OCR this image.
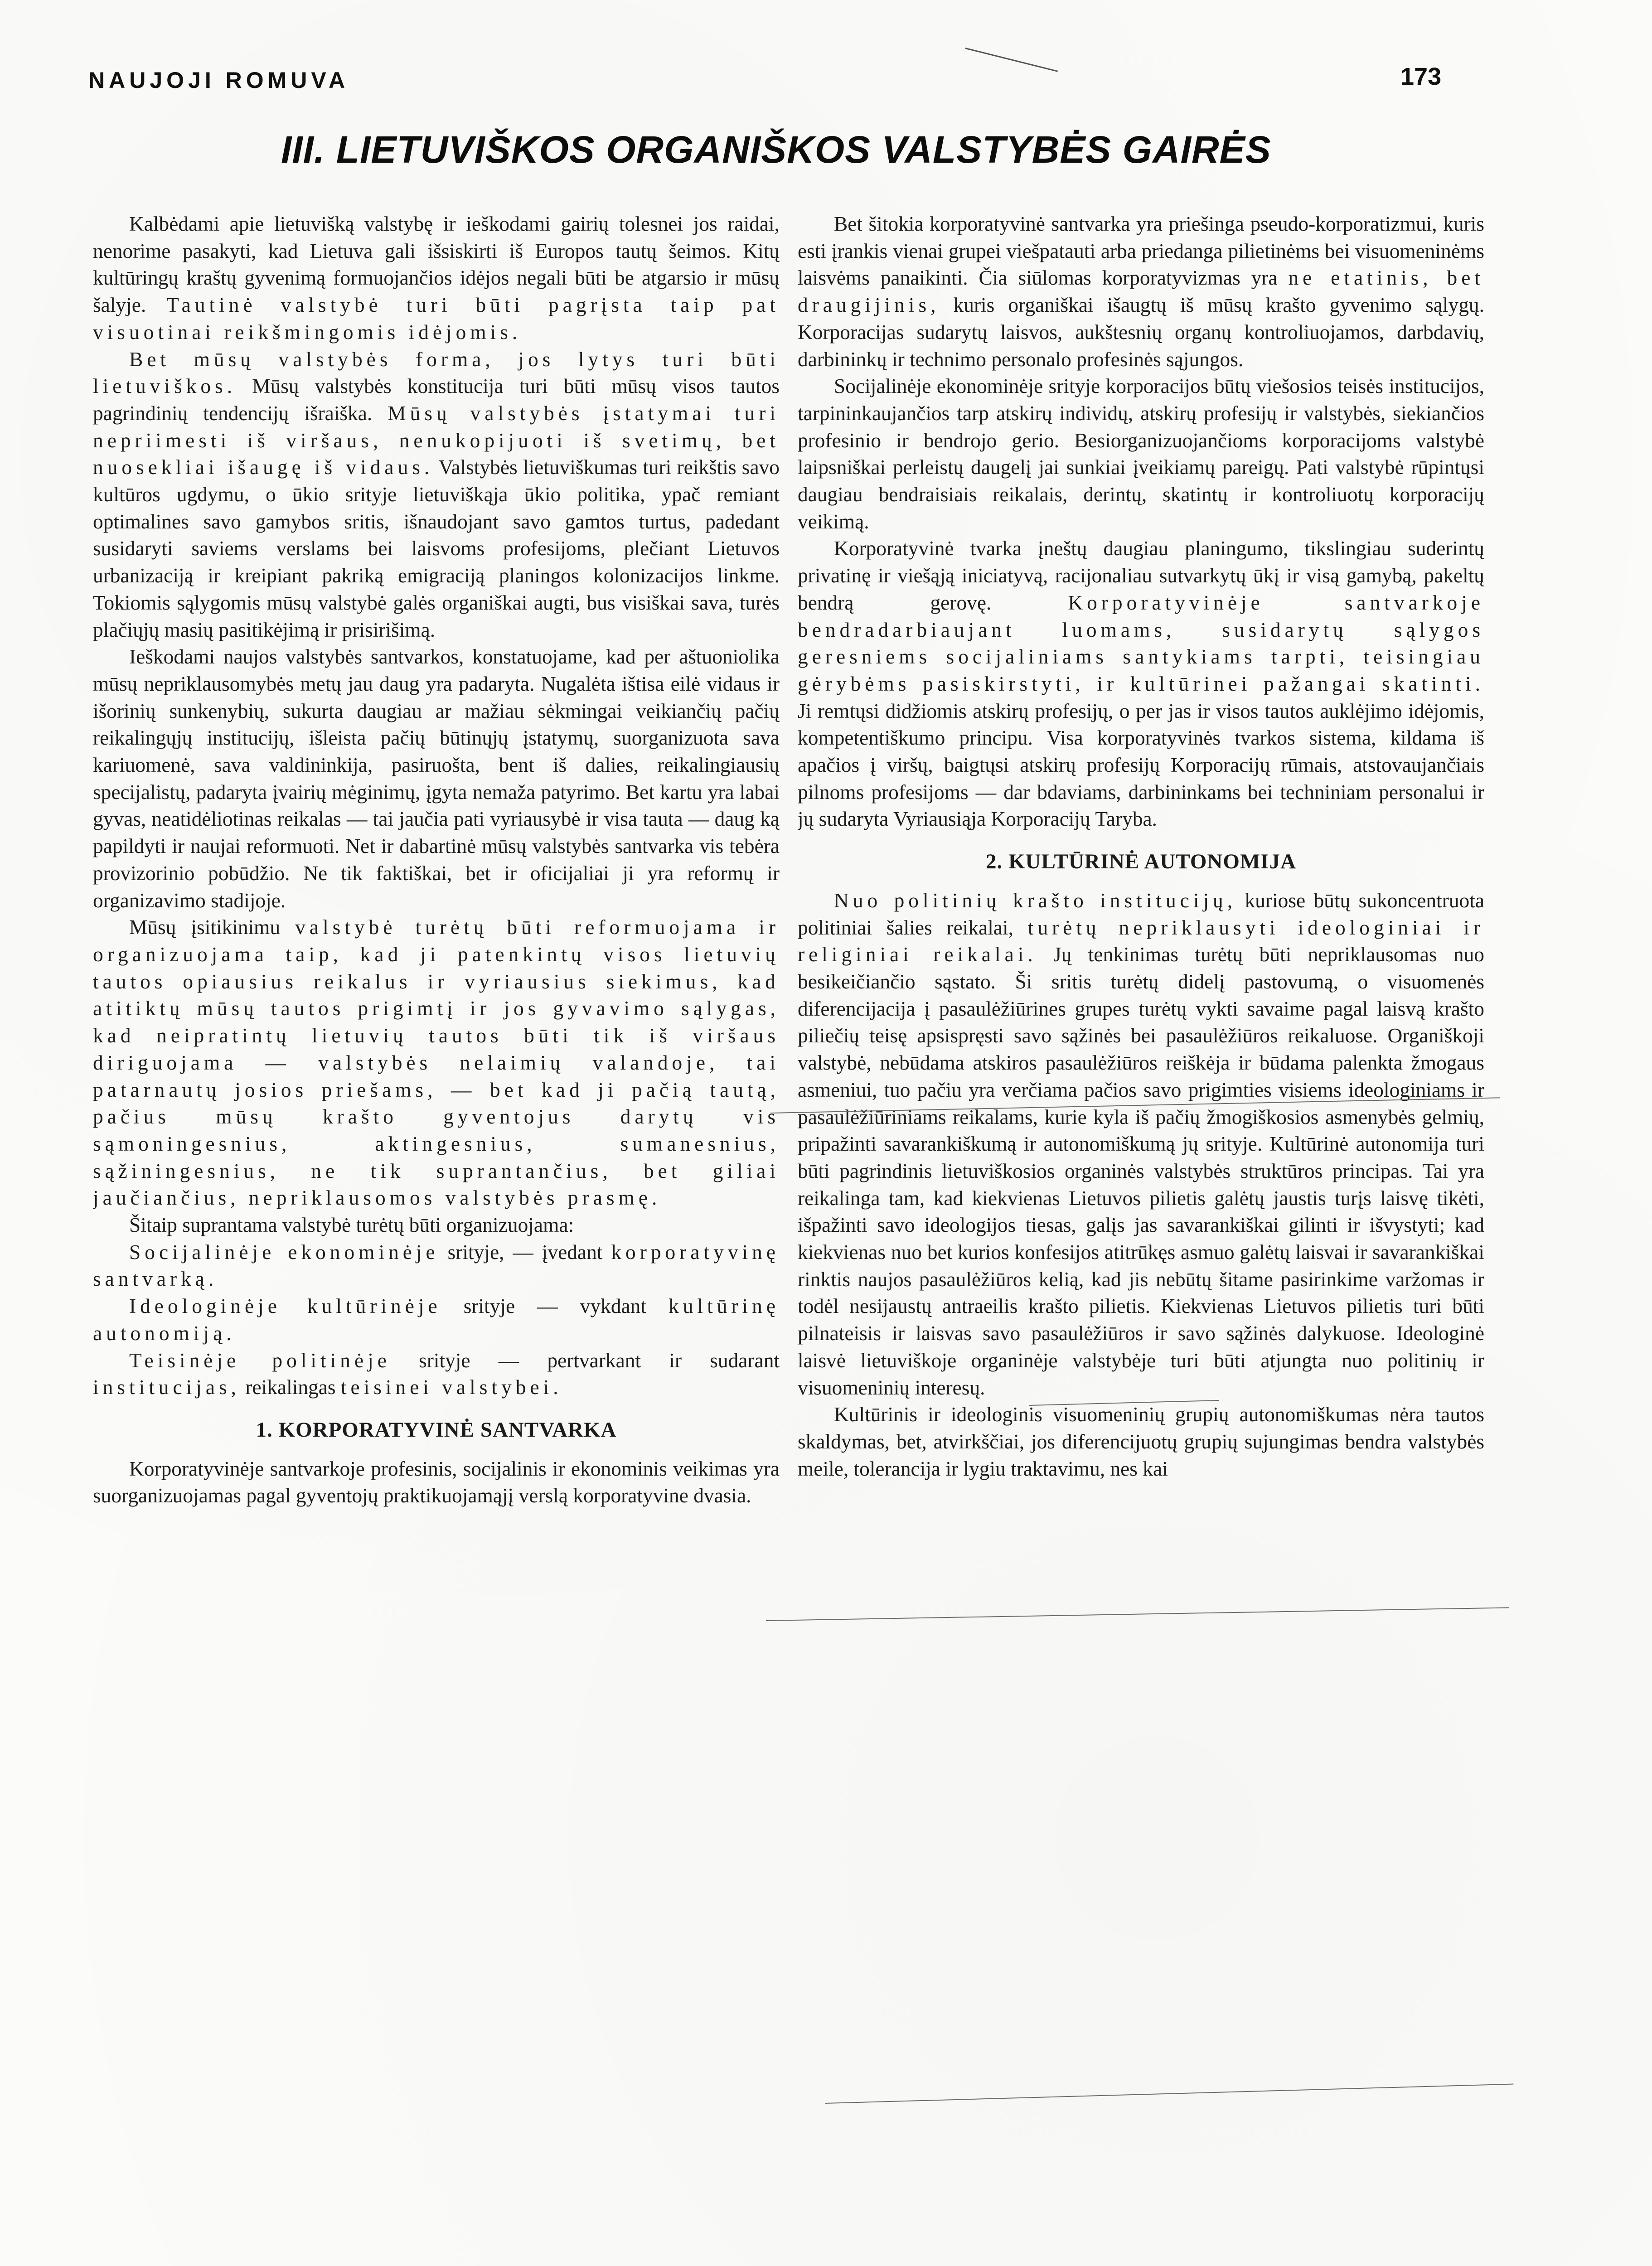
NAUJOJI ROMUVA	173
III. LIETUVIŠKOS ORGANIŠKOS VALSTYBĖS GAIRĖS

Kalbėdami apie lietuvišką valstybę ir ieškodami gairių tolesnei jos raidai, nenorime pasakyti, kad Lietuva gali išsiskirti iš Europos tautų šeimos. Kitų kultūringų kraštų gyvenimą formuojančios idėjos negali būti be atgarsio ir mūsų šalyje. Tautinė valstybė turi būti pagrįsta taip pat visuotinai reikšmingomis idėjomis.

Bet mūsų valstybės forma, jos lytys turi būti lietuviškos. Mūsų valstybės konstitucija turi būti mūsų visos tautos pagrindinių tendencijų išraiška. Mūsų valstybės įstatymai turi nepriimesti iš viršaus, nenukopijuoti iš svetimų, bet nuosekliai išaugę iš vidaus. Valstybės lietuviškumas turi reikštis savo kultūros ugdymu, o ūkio srityje lietuviškąja ūkio politika, ypač remiant optimalines savo gamybos sritis, išnaudojant savo gamtos turtus, padedant susidaryti saviems verslams bei laisvoms profesijoms, plečiant Lietuvos urbanizaciją ir kreipiant pakriką emigraciją planingos kolonizacijos linkme. Tokiomis sąlygomis mūsų valstybė galės organiškai augti, bus visiškai sava, turės plačiųjų masių pasitikėjimą ir prisirišimą.

Ieškodami naujos valstybės santvarkos, konstatuojame, kad per aštuoniolika mūsų nepriklausomybės metų jau daug yra padaryta. Nugalėta ištisa eilė vidaus ir išorinių sunkenybių, sukurta daugiau ar mažiau sėkmingai veikiančių pačių reikalingųjų institucijų, išleista pačių būtinųjų įstatymų, suorganizuota sava kariuomenė, sava valdininkija, pasiruošta, bent iš dalies, reikalingiausių specijalistų, padaryta įvairių mėginimų, įgyta nemaža patyrimo. Bet kartu yra labai gyvas, neatidėliotinas reikalas — tai jaučia pati vyriausybė ir visa tauta — daug ką papildyti ir naujai reformuoti. Net ir dabartinė mūsų valstybės santvarka vis tebėra provizorinio pobūdžio. Ne tik faktiškai, bet ir oficijaliai ji yra reformų ir organizavimo stadijoje.

Mūsų įsitikinimu valstybė turėtų būti reformuojama ir organizuojama taip, kad ji patenkintų visos lietuvių tautos opiausius reikalus ir vyriausius siekimus, kad atitiktų mūsų tautos prigimtį ir jos gyvavimo sąlygas, kad neipratintų lietuvių tautos būti tik iš viršaus diriguojama — valstybės nelaimių valandoje, tai patarnautų josios priešams, — bet kad ji pačią tautą, pačius mūsų krašto gyventojus darytų vis sąmoningesnius, aktingesnius, sumanesnius, sąžiningesnius, ne tik suprantančius, bet giliai jaučiančius, nepriklausomos valstybės prasmę.

Šitaip suprantama valstybė turėtų būti organizuojama:

Socijalinėje ekonominėje srityje, — įvedant korporatyvinę santvarką.

Ideologinėje kultūrinėje srityje — vykdant kultūrinę autonomiją.

Teisinėje politinėje srityje — pertvarkant ir sudarant institucijas, reikalingas teisinei valstybei.

1. KORPORATYVINĖ SANTVARKA

Korporatyvinėje santvarkoje profesinis, socijalinis ir ekonominis veikimas yra suorganizuojamas pagal gyventojų praktikuojamąjį verslą korporatyvine dvasia.

Bet šitokia korporatyvinė santvarka yra priešinga pseudo-korporatizmui, kuris esti įrankis vienai grupei viešpatauti arba priedanga pilietinėms bei visuomeninėms laisvėms panaikinti. Čia siūlomas korporatyvizmas yra ne etatinis, bet draugijinis, kuris organiškai išaugtų iš mūsų krašto gyvenimo sąlygų. Korporacijas sudarytų laisvos, aukštesnių organų kontroliuojamos, darbdavių, darbininkų ir technimo personalo profesinės sąjungos.

Socijalinėje ekonominėje srityje korporacijos būtų viešosios teisės institucijos, tarpininkaujančios tarp atskirų individų, atskirų profesijų ir valstybės, siekiančios profesinio ir bendrojo gerio. Besiorganizuojančioms korporacijoms valstybė laipsniškai perleistų daugelį jai sunkiai įveikiamų pareigų. Pati valstybė rūpintųsi daugiau bendraisiais reikalais, derintų, skatintų ir kontroliuotų korporacijų veikimą.

Korporatyvinė tvarka įneštų daugiau planingumo, tikslingiau suderintų privatinę ir viešąją iniciatyvą, racijonaliau sutvarkytų ūkį ir visą gamybą, pakeltų bendrą gerovę.	Korporatyvinėje santvarkoje bendradarbiaujant luomams, susidarytų sąlygos geresniems socijaliniams santykiams tarpti, teisingiau gėrybėms pasiskirstyti, ir kultūrinei pažangai skatinti. Ji remtųsi didžiomis atskirų profesijų, o per jas ir visos tautos auklėjimo idėjomis, kompetentiškumo principu. Visa korporatyvinės tvarkos sistema, kildama iš apačios į viršų, baigtųsi atskirų profesijų Korporacijų rūmais, atstovaujančiais pilnoms profesijoms — dar bdaviams, darbininkams bei techniniam personalui ir jų sudaryta Vyriausiąja Korporacijų Taryba.

2. KULTŪRINĖ AUTONOMIJA

Nuo politinių krašto institucijų, kuriose būtų sukoncentruota politiniai šalies reikalai, turėtų nepriklausyti ideologiniai ir religiniai reikalai. Jų tenkinimas turėtų būti nepriklausomas nuo besikeičiančio sąstato. Ši sritis turėtų didelį pastovumą, o visuomenės diferencijacija į pasaulėžiūrines grupes turėtų vykti savaime pagal laisvą krašto piliečių teisę apsispręsti savo sąžinės bei pasaulėžiūros reikaluose. Organiškoji valstybė, nebūdama atskiros pasaulėžiūros reiškėja ir būdama palenkta žmogaus asmeniui, tuo pačiu yra verčiama pačios savo prigimties visiems ideologiniams ir pasaulėžiūriniams reikalams, kurie kyla iš pačių žmogiškosios asmenybės gelmių, pripažinti savarankiškumą ir autonomiškumą jų srityje. Kultūrinė autonomija turi būti pagrindinis lietuviškosios organinės valstybės struktūros principas. Tai yra reikalinga tam, kad kiekvienas Lietuvos pilietis galėtų jaustis turįs laisvę tikėti, išpažinti savo ideologijos tiesas, galįs jas savarankiškai gilinti ir išvystyti; kad kiekvienas nuo bet kurios konfesijos atitrūkęs asmuo galėtų laisvai ir savarankiškai rinktis naujos pasaulėžiūros kelią, kad jis nebūtų šitame pasirinkime varžomas ir todėl nesijaustų antraeilis krašto pilietis. Kiekvienas Lietuvos pilietis turi būti pilnateisis ir laisvas savo pasaulėžiūros ir savo sąžinės dalykuose. Ideologinė laisvė lietuviškoje organinėje valstybėje turi būti atjungta nuo politinių ir visuomeninių interesų.

Kultūrinis ir ideologinis visuomeninių grupių autonomiškumas nėra tautos skaldymas, bet, atvirkščiai, jos diferencijuotų grupių sujungimas bendra valstybės meile, tolerancija ir lygiu traktavimu, nes kai
